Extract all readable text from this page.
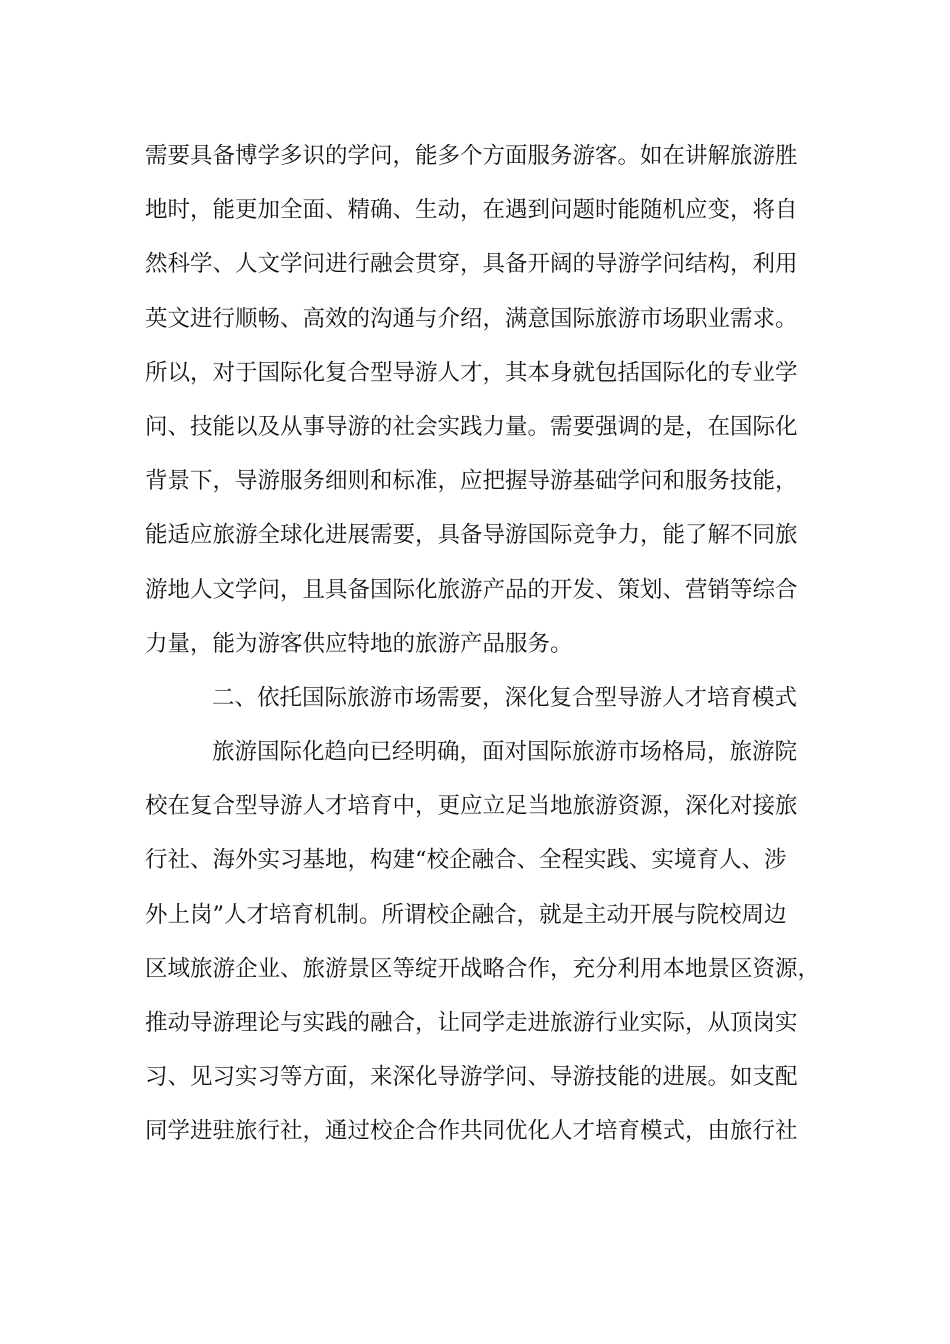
需要具备博学多识的学问，能多个方面服务游客。如在讲解旅游胜
地时，能更加全面、精确、生动，在遇到问题时能随机应变，将自
然科学、人文学问进行融会贯穿，具备开阔的导游学问结构，利用
英文进行顺畅、高效的沟通与介绍，满意国际旅游市场职业需求。
所以，对于国际化复合型导游人才，其本身就包括国际化的专业学
问、技能以及从事导游的社会实践力量。需要强调的是，在国际化
背景下，导游服务细则和标准，应把握导游基础学问和服务技能，
能适应旅游全球化进展需要，具备导游国际竞争力，能了解不同旅
游地人文学问，且具备国际化旅游产品的开发、策划、营销等综合
力量，能为游客供应特地的旅游产品服务。
二、依托国际旅游市场需要，深化复合型导游人才培育模式
旅游国际化趋向已经明确，面对国际旅游市场格局，旅游院
校在复合型导游人才培育中，更应立足当地旅游资源，深化对接旅
行社、海外实习基地，构建“校企融合、全程实践、实境育人、涉
外上岗”人才培育机制。所谓校企融合，就是主动开展与院校周边
区域旅游企业、旅游景区等绽开战略合作，充分利用本地景区资源，
推动导游理论与实践的融合，让同学走进旅游行业实际，从顶岗实
习、见习实习等方面，来深化导游学问、导游技能的进展。如支配
同学进驻旅行社，通过校企合作共同优化人才培育模式，由旅行社
